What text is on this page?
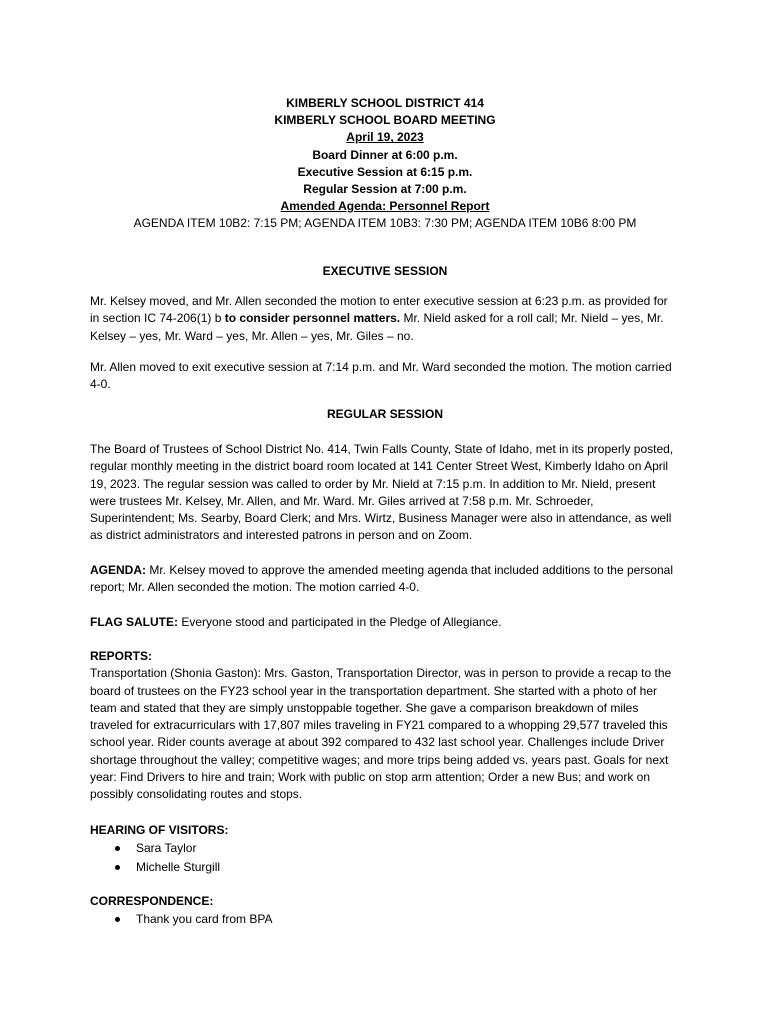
KIMBERLY SCHOOL DISTRICT 414
KIMBERLY SCHOOL BOARD MEETING
April 19, 2023
Board Dinner at 6:00 p.m.
Executive Session at 6:15 p.m.
Regular Session at 7:00 p.m.
Amended Agenda: Personnel Report
AGENDA ITEM 10B2: 7:15 PM; AGENDA ITEM 10B3: 7:30 PM; AGENDA ITEM 10B6 8:00 PM
EXECUTIVE SESSION

Mr. Kelsey moved, and Mr. Allen seconded the motion to enter executive session at 6:23 p.m. as provided for in section IC 74-206(1) b to consider personnel matters. Mr. Nield asked for a roll call; Mr. Nield – yes, Mr. Kelsey – yes, Mr. Ward – yes, Mr. Allen – yes, Mr. Giles – no.

Mr. Allen moved to exit executive session at 7:14 p.m. and Mr. Ward seconded the motion. The motion carried 4-0.

REGULAR SESSION

The Board of Trustees of School District No. 414, Twin Falls County, State of Idaho, met in its properly posted, regular monthly meeting in the district board room located at 141 Center Street West, Kimberly Idaho on April 19, 2023. The regular session was called to order by Mr. Nield at 7:15 p.m. In addition to Mr. Nield, present were trustees Mr. Kelsey, Mr. Allen, and Mr. Ward. Mr. Giles arrived at 7:58 p.m. Mr. Schroeder, Superintendent; Ms. Searby, Board Clerk; and Mrs. Wirtz, Business Manager were also in attendance, as well as district administrators and interested patrons in person and on Zoom.

AGENDA: Mr. Kelsey moved to approve the amended meeting agenda that included additions to the personal report; Mr. Allen seconded the motion. The motion carried 4-0.

FLAG SALUTE: Everyone stood and participated in the Pledge of Allegiance.

REPORTS:

Transportation (Shonia Gaston): Mrs. Gaston, Transportation Director, was in person to provide a recap to the board of trustees on the FY23 school year in the transportation department. She started with a photo of her team and stated that they are simply unstoppable together. She gave a comparison breakdown of miles traveled for extracurriculars with 17,807 miles traveling in FY21 compared to a whopping 29,577 traveled this school year. Rider counts average at about 392 compared to 432 last school year. Challenges include Driver shortage throughout the valley; competitive wages; and more trips being added vs. years past. Goals for next year: Find Drivers to hire and train; Work with public on stop arm attention; Order a new Bus; and work on possibly consolidating routes and stops.

HEARING OF VISITORS:

Sara Taylor
Michelle Sturgill

CORRESPONDENCE:

Thank you card from BPA
